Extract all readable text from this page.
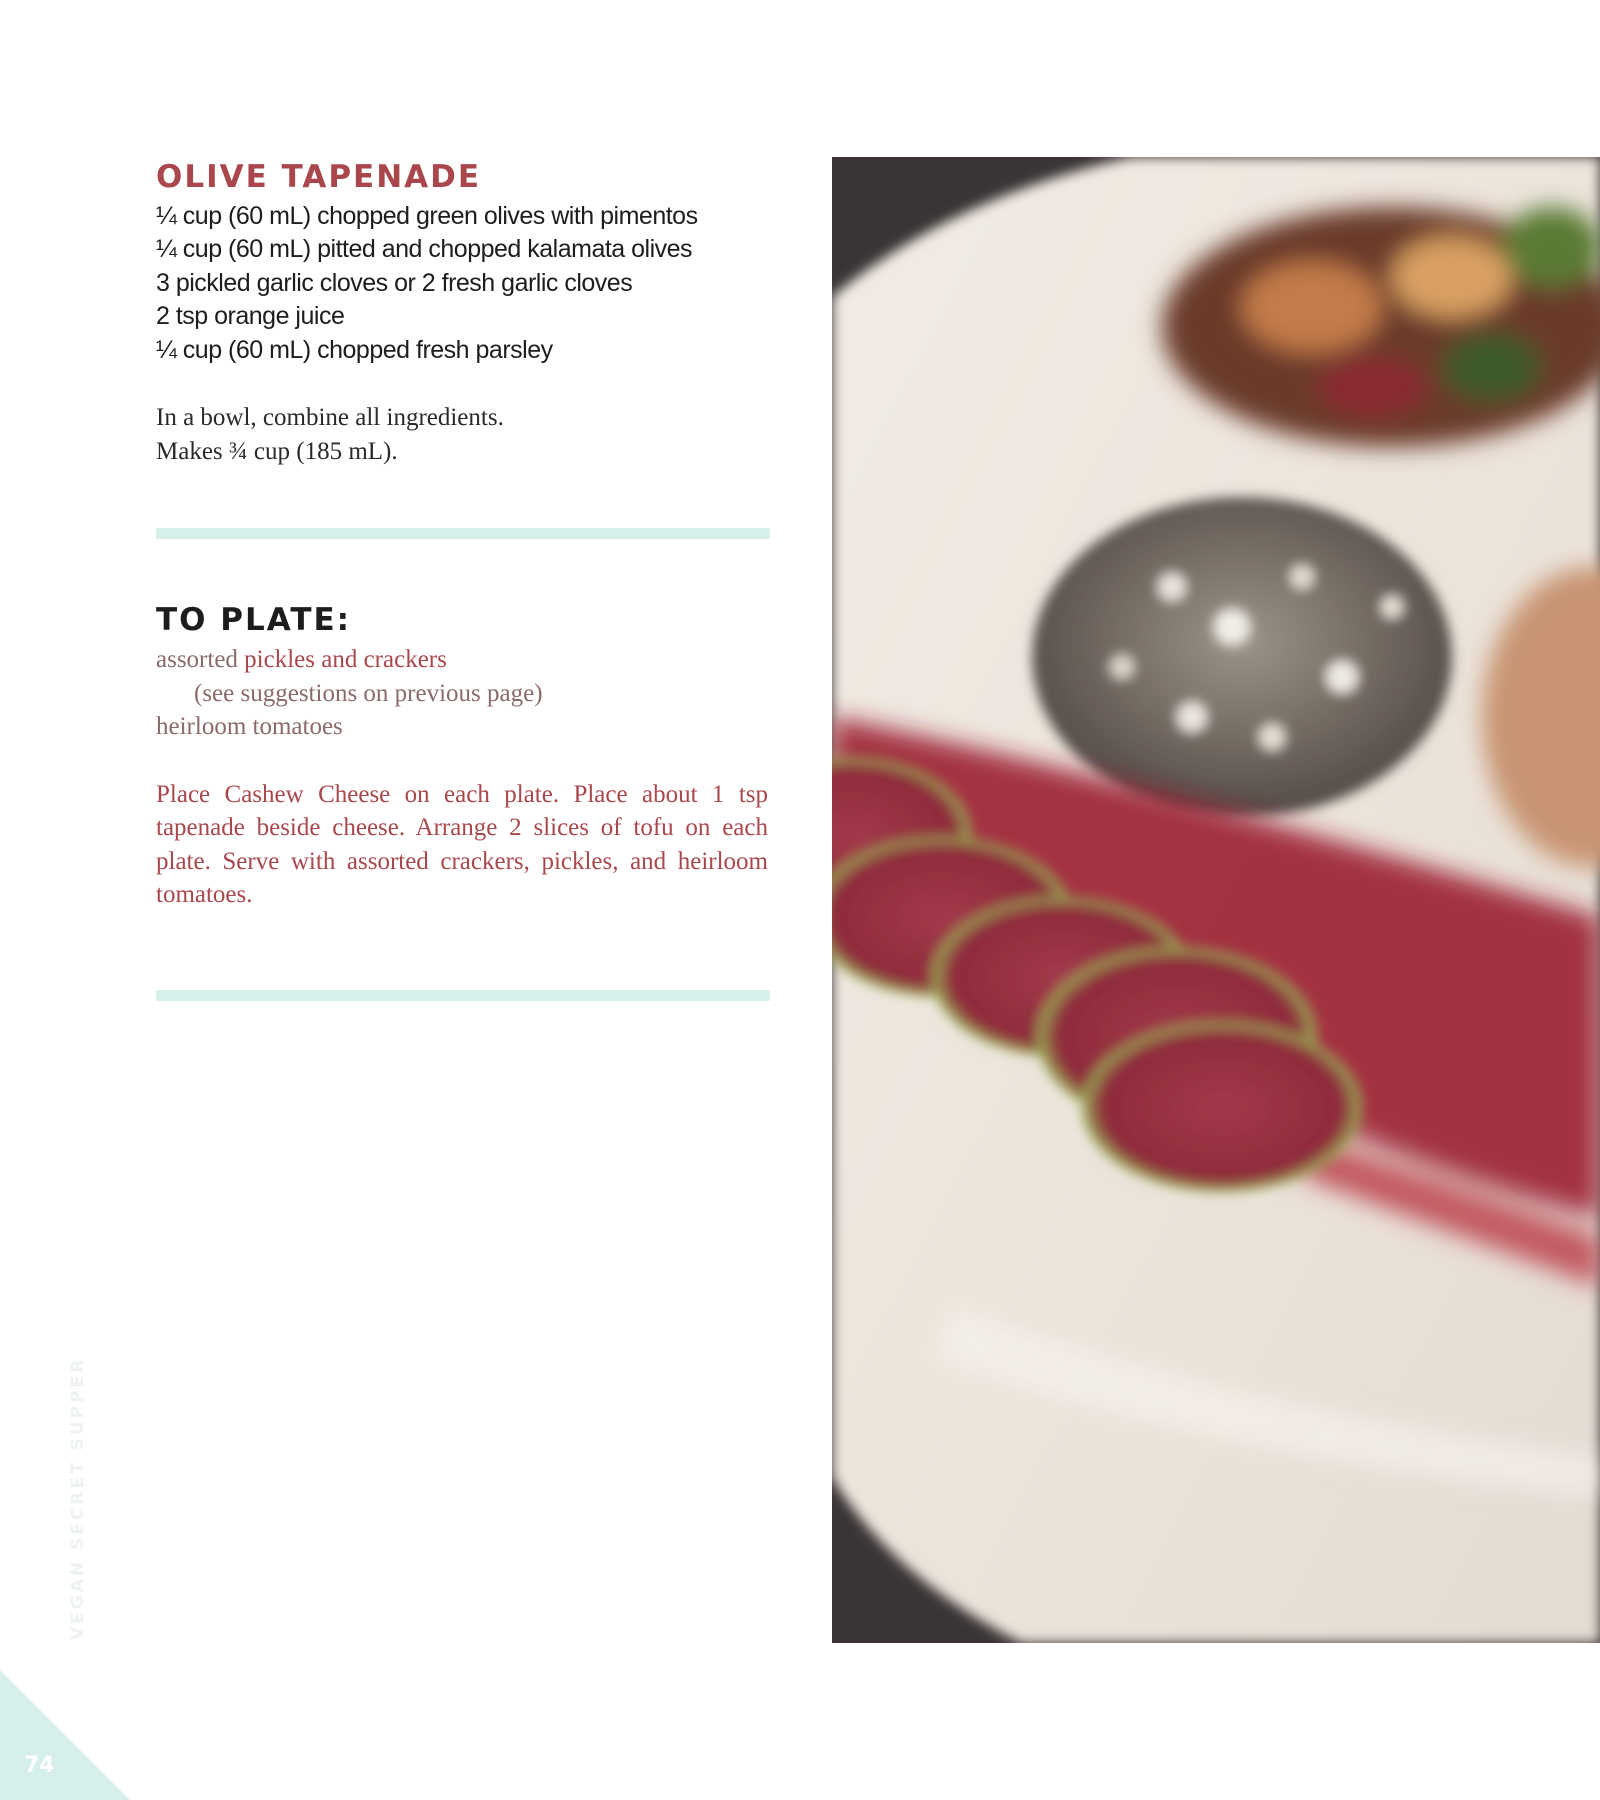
OLIVE TAPENADE
¼ cup (60 mL) chopped green olives with pimentos
¼ cup (60 mL) pitted and chopped kalamata olives
3 pickled garlic cloves or 2 fresh garlic cloves
2 tsp orange juice
¼ cup (60 mL) chopped fresh parsley

In a bowl, combine all ingredients.

Makes ¾ cup (185 mL).

TO PLATE:
assorted pickles and crackers
(see suggestions on previous page)
heirloom tomatoes

Place Cashew Cheese on each plate. Place about 1 tsp tapenade beside cheese. Arrange 2 slices of tofu on each plate. Serve with assorted crackers, pickles, and heirloom tomatoes.

VEGAN SECRET SUPPER
74
